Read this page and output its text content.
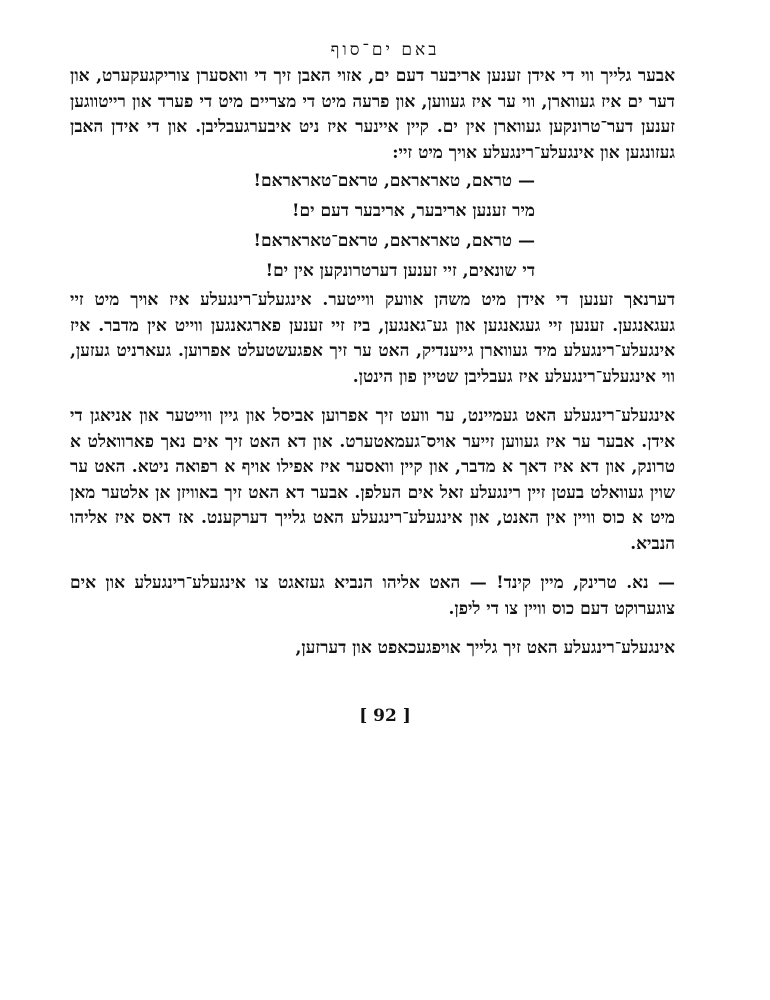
באם ים־סוף

אבער גלייך ווי די אידן זענען אריבער דעם ים, אזוי האבן זיך די וואסערן צוריקגעקערט, און דער ים איז געווארן, ווי ער איז געווען, און פרעה מיט די מצריים מיט די פערד און רייטווגען זענען דער־טרונקען געווארן אין ים. קיין איינער איז ניט איבערגעבליבן. און די אידן האבן געזונגען און אינגעלע־רינגעלע אויך מיט זיי:

— טראם, טאראראם, טראם־טאראראם!

מיר זענען אריבער, אריבער דעם ים!

— טראם, טאראראם, טראם־טאראראם!

די שונאים, זיי זענען דערטרונקען אין ים!

דערנאך זענען די אידן מיט משהן אוועק ווייטער. אינגעלע־רינגעלע איז אויך מיט זיי געגאנגען. זענען זיי געגאנגען און גע־גאנגען, ביז זיי זענען פארגאנגען ווייט אין מדבר. איז אינגעלע־רינגעלע מיד געווארן גייענדיק, האט ער זיך אפגעשטעלט אפרוען. געארניט געזען, ווי אינגעלע־רינגעלע איז געבליבן שטיין פון הינטן.

אינגעלע־רינגעלע האט געמיינט, ער וועט זיך אפרוען אביסל און גיין ווייטער און אניאגן די אידן. אבער ער איז געווען זייער אויס־געמאטערט. און דא האט זיך אים נאך פארוואלט א טרונק, און דא איז דאך א מדבר, און קיין וואסער איז אפילו אויף א רפואה ניטא. האט ער שוין געוואלט בעטן זיין רינגעלע זאל אים העלפן. אבער דא האט זיך באוויזן אן אלטער מאן מיט א כוס וויין אין האנט, און אינגעלע־רינגעלע האט גלייך דערקענט. אז דאס איז אליהו הנביא.

— נא. טרינק, מיין קינד! — האט אליהו הנביא געזאגט צו אינגעלע־רינגעלע און אים צוגערוקט דעם כוס וויין צו די ליפן.

אינגעלע־רינגעלע האט זיך גלייך אויפגעכאפט און דערזען,

[ 92 ]
